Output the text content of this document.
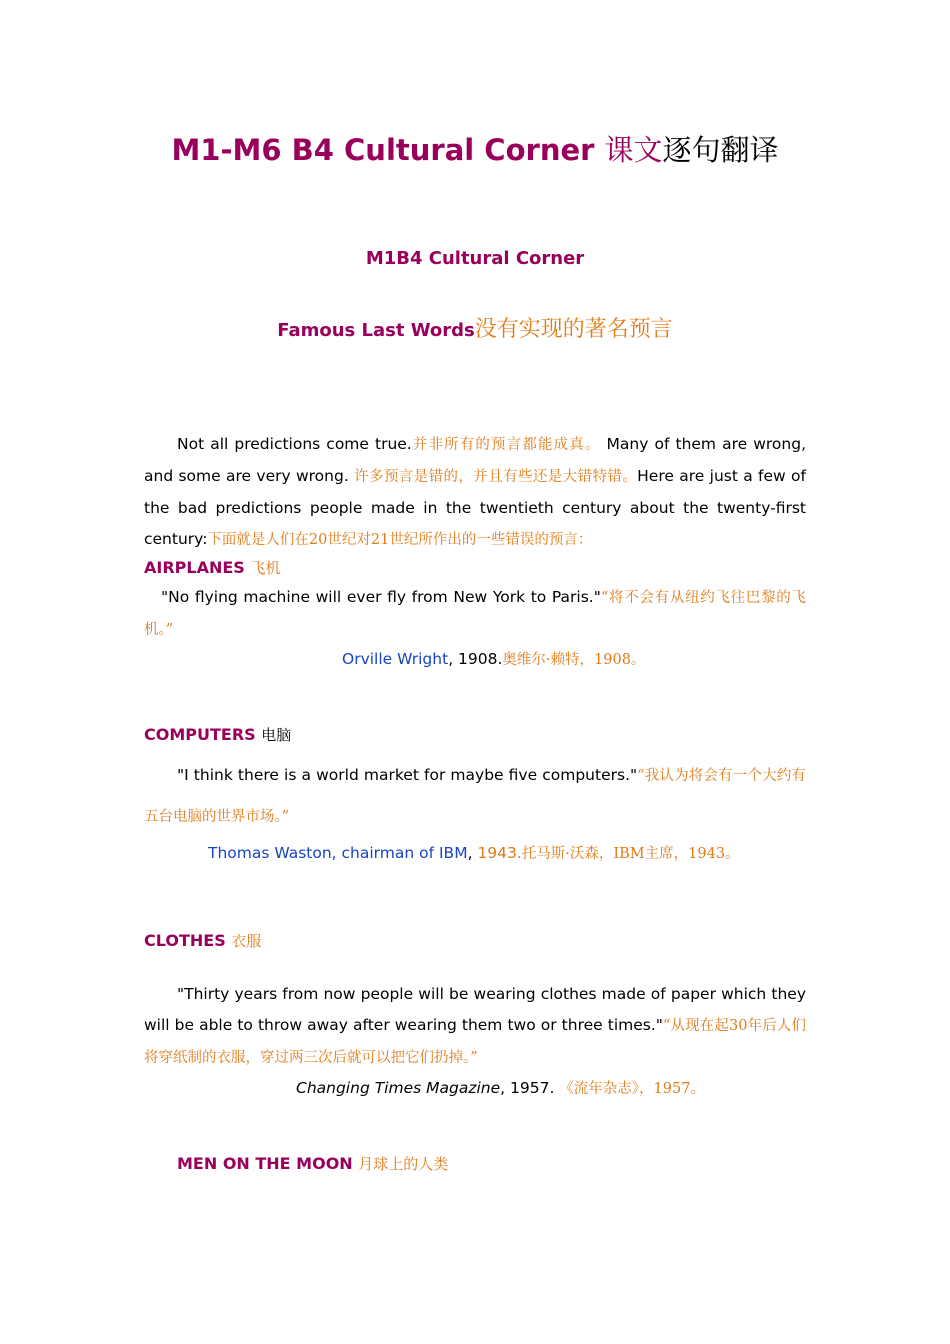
M1-M6 B4 Cultural Corner 课文逐句翻译
M1B4 Cultural Corner
Famous Last Words没有实现的著名预言
Not all predictions come true.并非所有的预言都能成真。 Many of them are wrong, and some are very wrong. 许多预言是错的，并且有些还是大错特错。Here are just a few of the bad predictions people made in the twentieth century about the twenty-first century:下面就是人们在20世纪对21世纪所作出的一些错误的预言：
AIRPLANES 飞机
"No flying machine will ever fly from New York to Paris."“将不会有从纽约飞往巴黎的飞机。”
Orville Wright, 1908.奥维尔·赖特，1908。
COMPUTERS 电脑
"I think there is a world market for maybe five computers."“我认为将会有一个大约有五台电脑的世界市场。”
Thomas Waston, chairman of IBM, 1943.托马斯·沃森，IBM主席，1943。
CLOTHES 衣服
"Thirty years from now people will be wearing clothes made of paper which they will be able to throw away after wearing them two or three times."“从现在起30年后人们将穿纸制的衣服，穿过两三次后就可以把它们扔掉。”
Changing Times Magazine, 1957. 《流年杂志》，1957。
MEN ON THE MOON 月球上的人类
